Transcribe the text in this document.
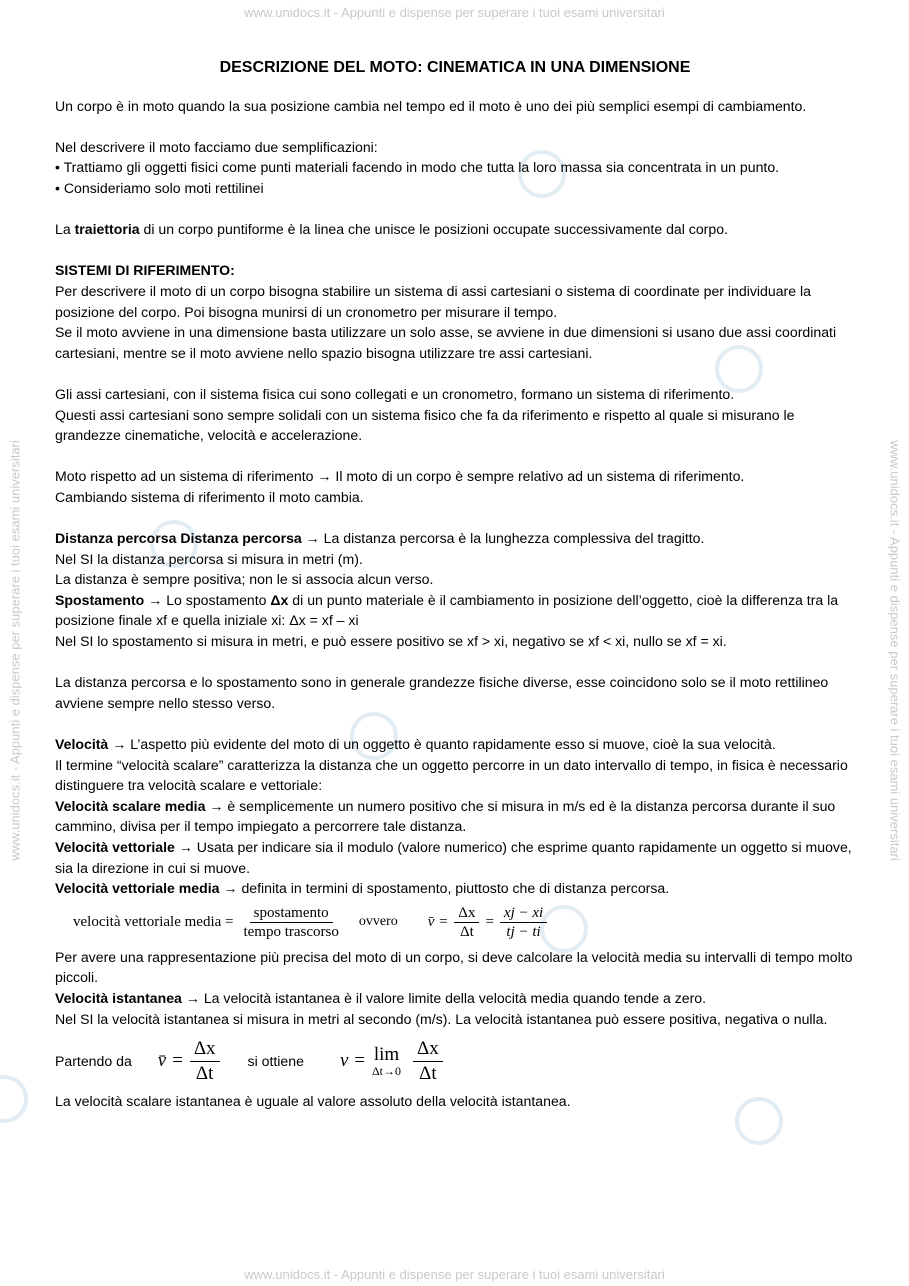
www.unidocs.it - Appunti e dispense per superare i tuoi esami universitari
www.unidocs.it - Appunti e dispense per superare i tuoi esami universitari
www.unidocs.it - Appunti e dispense per superare i tuoi esami universitari	www.unidocs.it - Appunti e dispense per superare i tuoi esami universitari
DESCRIZIONE DEL MOTO: CINEMATICA IN UNA DIMENSIONE

Un corpo è in moto quando la sua posizione cambia nel tempo ed il moto è uno dei più semplici esempi di cambiamento.

Nel descrivere il moto facciamo due semplificazioni:

• Trattiamo gli oggetti fisici come punti materiali facendo in modo che tutta la loro massa sia concentrata in un punto.

• Consideriamo solo moti rettilinei

La traiettoria di un corpo puntiforme è la linea che unisce le posizioni occupate successivamente dal corpo.

SISTEMI DI RIFERIMENTO:

Per descrivere il moto di un corpo bisogna stabilire un sistema di assi cartesiani o sistema di coordinate per individuare la posizione del corpo. Poi bisogna munirsi di un cronometro per misurare il tempo.

Se il moto avviene in una dimensione basta utilizzare un solo asse, se avviene in due dimensioni si usano due assi coordinati cartesiani, mentre se il moto avviene nello spazio bisogna utilizzare tre assi cartesiani.

Gli assi cartesiani, con il sistema fisica cui sono collegati e un cronometro, formano un sistema di riferimento.

Questi assi cartesiani sono sempre solidali con un sistema fisico che fa da riferimento e rispetto al quale si misurano le grandezze cinematiche, velocità e accelerazione.

Moto rispetto ad un sistema di riferimento → Il moto di un corpo è sempre relativo ad un sistema di riferimento.

Cambiando sistema di riferimento il moto cambia.

Distanza percorsa Distanza percorsa → La distanza percorsa è la lunghezza complessiva del tragitto.

Nel SI la distanza percorsa si misura in metri (m).

La distanza è sempre positiva; non le si associa alcun verso.

Spostamento → Lo spostamento Δx di un punto materiale è il cambiamento in posizione dell’oggetto, cioè la differenza tra la posizione finale xf e quella iniziale xi: Δx = xf – xi

Nel SI lo spostamento si misura in metri, e può essere positivo se xf > xi, negativo se xf < xi, nullo se xf = xi.

La distanza percorsa e lo spostamento sono in generale grandezze fisiche diverse, esse coincidono solo se il moto rettilineo avviene sempre nello stesso verso.

Velocità → L’aspetto più evidente del moto di un oggetto è quanto rapidamente esso si muove, cioè la sua velocità.

Il termine “velocità scalare” caratterizza la distanza che un oggetto percorre in un dato intervallo di tempo, in fisica è necessario distinguere tra velocità scalare e vettoriale:

Velocità scalare media → è semplicemente un numero positivo che si misura in m/s ed è la distanza percorsa durante il suo cammino, divisa per il tempo impiegato a percorrere tale distanza.

Velocità vettoriale → Usata per indicare sia il modulo (valore numerico) che esprime quanto rapidamente un oggetto si muove, sia la direzione in cui si muove.

Velocità vettoriale media → definita in termini di spostamento, piuttosto che di distanza percorsa.

velocità vettoriale media = $\frac{\text{spostamento}}{\text{tempo trascorso}}$ ovvero v̄ = $\frac{\Delta x}{\Delta t} = \frac{xj - xi}{tj - ti}$

Per avere una rappresentazione più precisa del moto di un corpo, si deve calcolare la velocità media su intervalli di tempo molto piccoli.

Velocità istantanea → La velocità istantanea è il valore limite della velocità media quando tende a zero.

Nel SI la velocità istantanea si misura in metri al secondo (m/s). La velocità istantanea può essere positiva, negativa o nulla.

Partendo da v̄ = $\frac{\Delta x}{\Delta t}$ si ottiene v = lim
$\Delta t\to 0 \frac{\Delta x}{\Delta t}$

La velocità scalare istantanea è uguale al valore assoluto della velocità istantanea.
